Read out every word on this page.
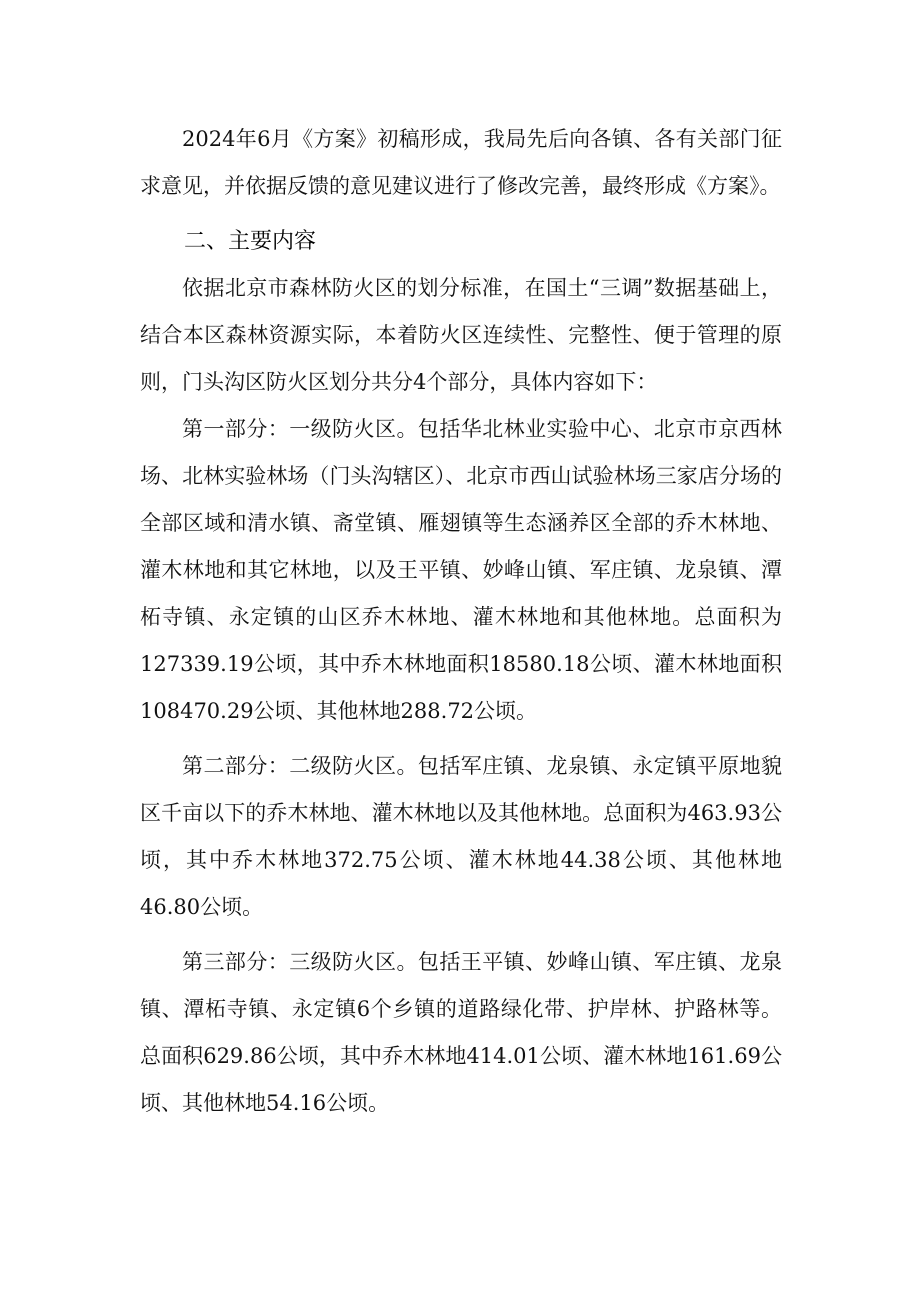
2024年6月《方案》初稿形成，我局先后向各镇、各有关部门征求意见，并依据反馈的意见建议进行了修改完善，最终形成《方案》。

二、主要内容

依据北京市森林防火区的划分标准，在国土“三调”数据基础上，结合本区森林资源实际，本着防火区连续性、完整性、便于管理的原则，门头沟区防火区划分共分4个部分，具体内容如下：

第一部分：一级防火区。包括华北林业实验中心、北京市京西林场、北林实验林场（门头沟辖区）、北京市西山试验林场三家店分场的全部区域和清水镇、斋堂镇、雁翅镇等生态涵养区全部的乔木林地、灌木林地和其它林地，以及王平镇、妙峰山镇、军庄镇、龙泉镇、潭柘寺镇、永定镇的山区乔木林地、灌木林地和其他林地。总面积为127339.19公顷，其中乔木林地面积18580.18公顷、灌木林地面积108470.29公顷、其他林地288.72公顷。

第二部分：二级防火区。包括军庄镇、龙泉镇、永定镇平原地貌区千亩以下的乔木林地、灌木林地以及其他林地。总面积为463.93公顷，其中乔木林地372.75公顷、灌木林地44.38公顷、其他林地46.80公顷。

第三部分：三级防火区。包括王平镇、妙峰山镇、军庄镇、龙泉镇、潭柘寺镇、永定镇6个乡镇的道路绿化带、护岸林、护路林等。总面积629.86公顷，其中乔木林地414.01公顷、灌木林地161.69公顷、其他林地54.16公顷。
